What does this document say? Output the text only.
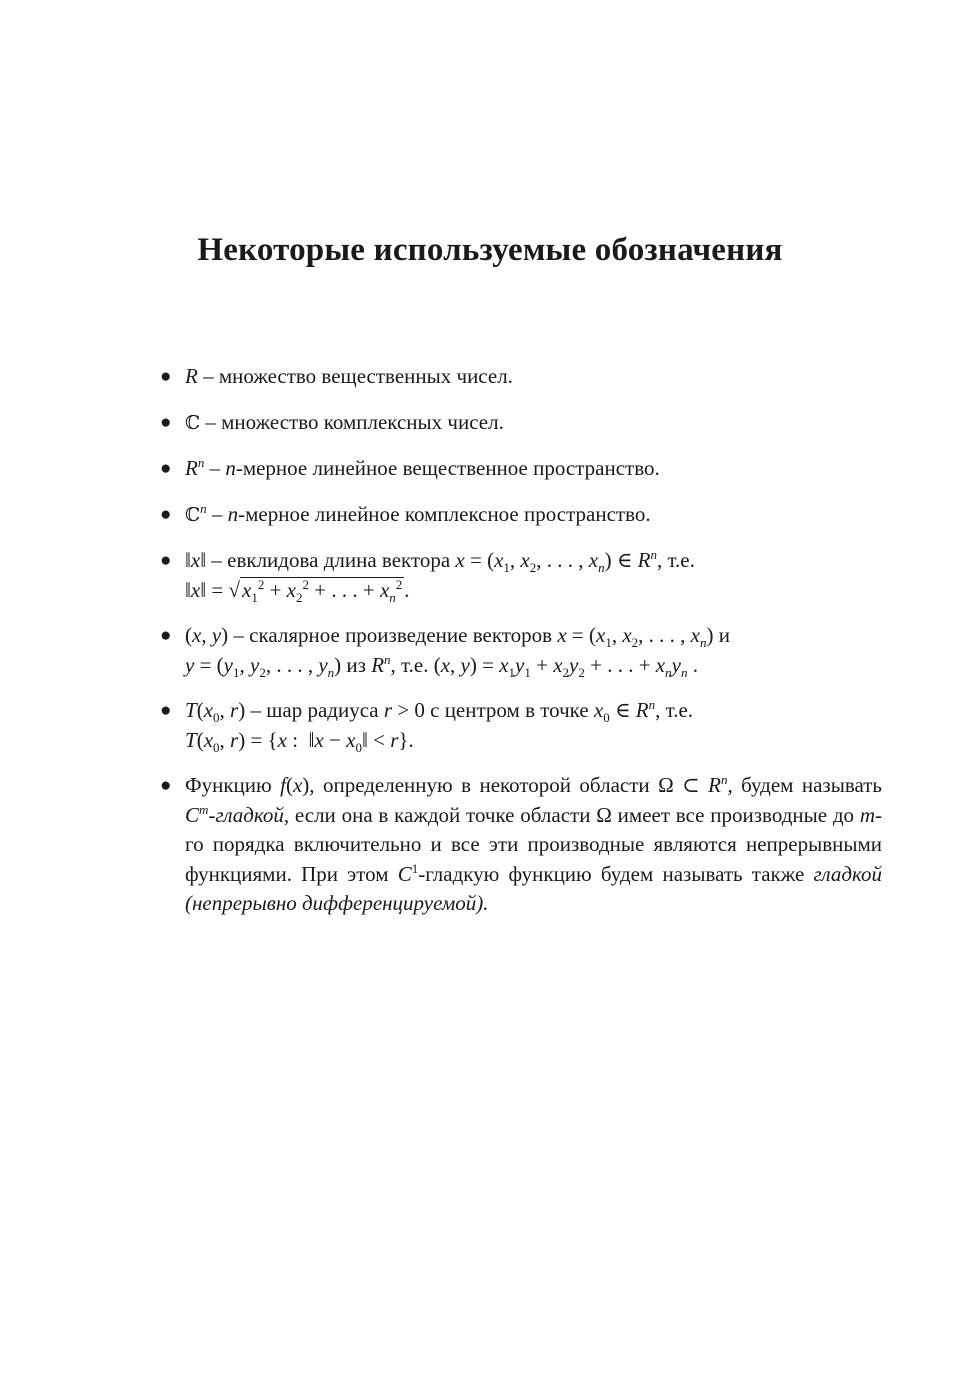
Некоторые используемые обозначения
● R – множество вещественных чисел.
● ℂ – множество комплексных чисел.
● $R^n$ – n-мерное линейное вещественное пространство.
● ℂ$^n$ – n-мерное линейное комплексное пространство.
● ‖x‖ – евклидова длина вектора $x = (x_1$, $x_2$, . . . , $x_n$) ∈ $R^n$, т.е.
‖x‖ = $√x_1^2 + x_2^2$ + . . . + $x_n^2$.
● (x, y) – скалярное произведение векторов $x = (x_1$, $x_2$, . . . , $x_n$) и
$y = (y_1$, $y_2$, . . . , $y_n$) из $R^n$, т.е. (x, $y) = x_1y_1 + x_2y_2$ + . . . + $x_ny_n$ .
● $T(x_0$, r) – шар радиуса r > 0 с центром в точке $x_0$ ∈ $R^n$, т.е.
$T(x_0$, r) = {x :  ‖x − $x_0‖ < r$}.
● Функцию f(x), определенную в некоторой области Ω ⊂ $R^n$, будем называть $C^m$-гладкой, если она в каждой точке области Ω имеет все производные до m-го порядка включительно и все эти производные являются непрерывными функциями. При этом $C^1$-гладкую функцию будем называть также гладкой (непрерывно дифференцируемой).
